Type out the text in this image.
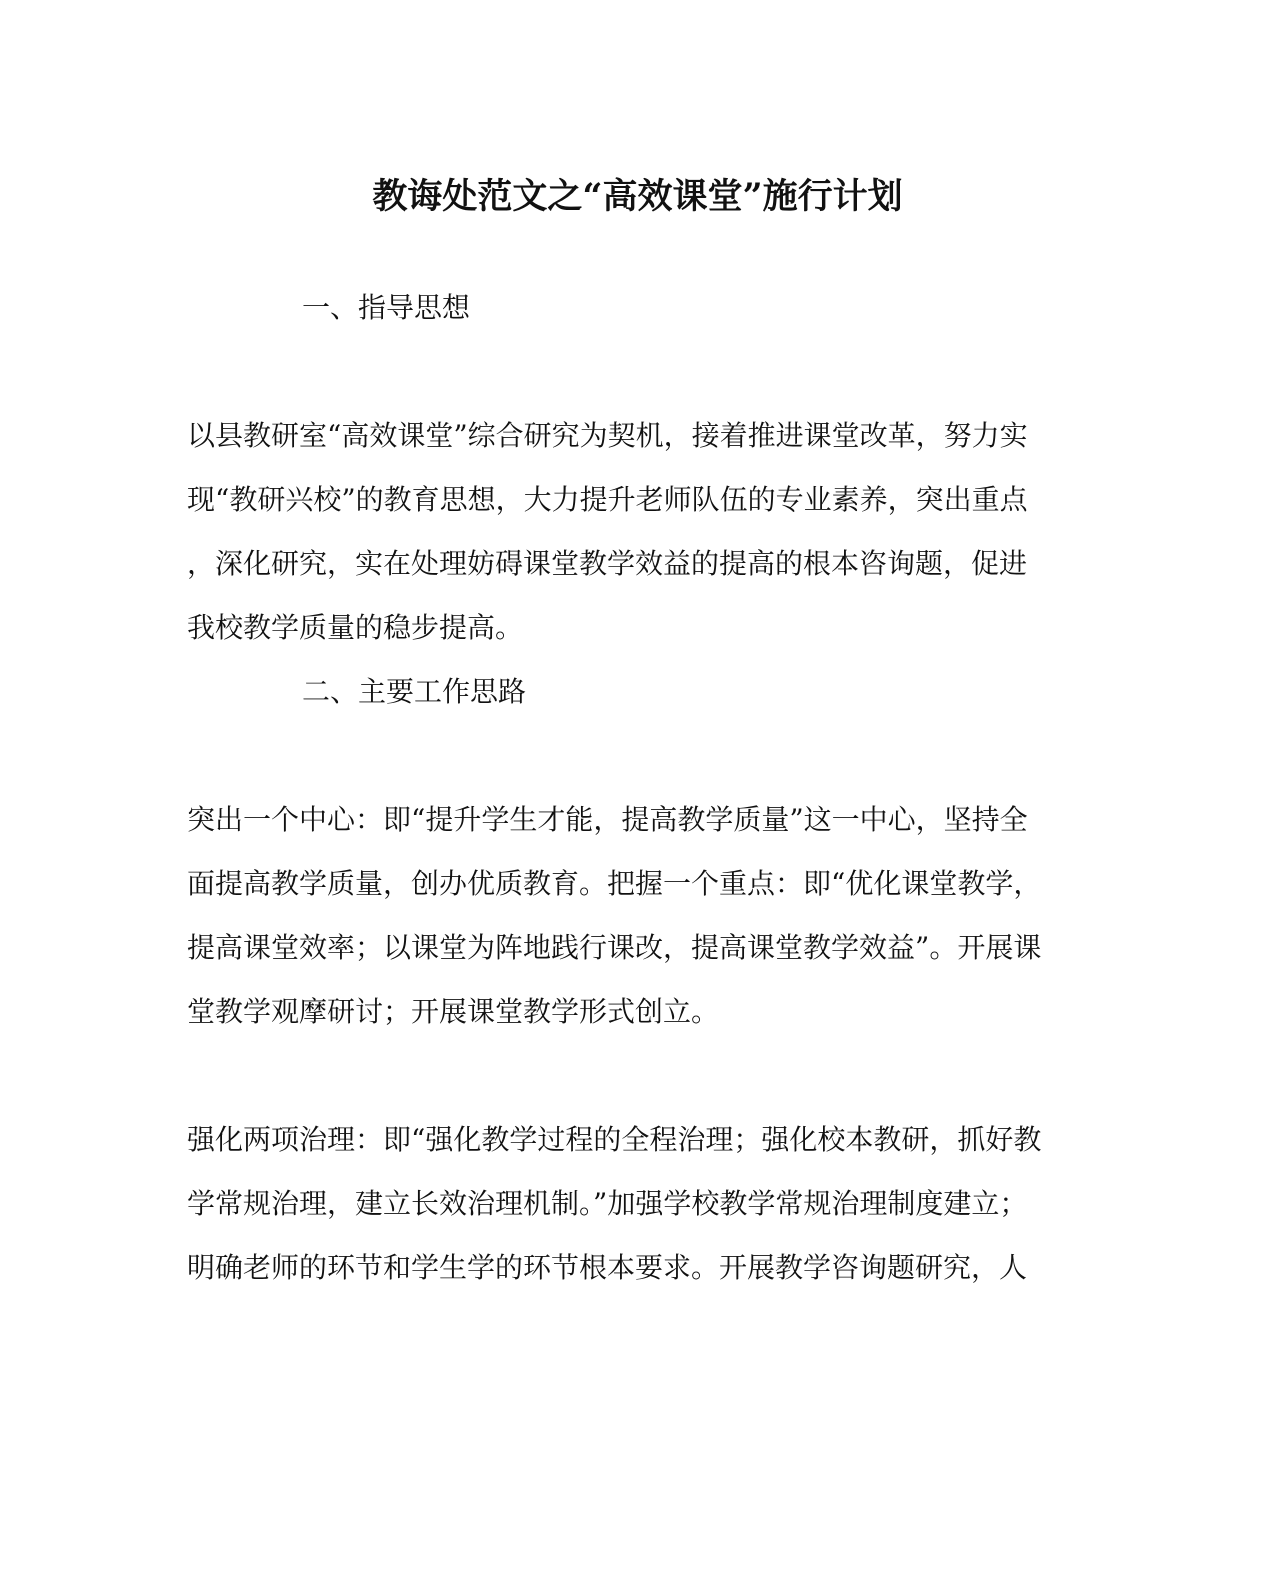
教诲处范文之“高效课堂”施行计划
一、指导思想
以县教研室“高效课堂”综合研究为契机，接着推进课堂改革，努力实
现“教研兴校”的教育思想，大力提升老师队伍的专业素养，突出重点
，深化研究，实在处理妨碍课堂教学效益的提高的根本咨询题，促进
我校教学质量的稳步提高。
二、主要工作思路
突出一个中心：即“提升学生才能，提高教学质量”这一中心，坚持全
面提高教学质量，创办优质教育。把握一个重点：即“优化课堂教学，
提高课堂效率；以课堂为阵地践行课改，提高课堂教学效益”。开展课
堂教学观摩研讨；开展课堂教学形式创立。
强化两项治理：即“强化教学过程的全程治理；强化校本教研，抓好教
学常规治理，建立长效治理机制。”加强学校教学常规治理制度建立；
明确老师的环节和学生学的环节根本要求。开展教学咨询题研究，人
